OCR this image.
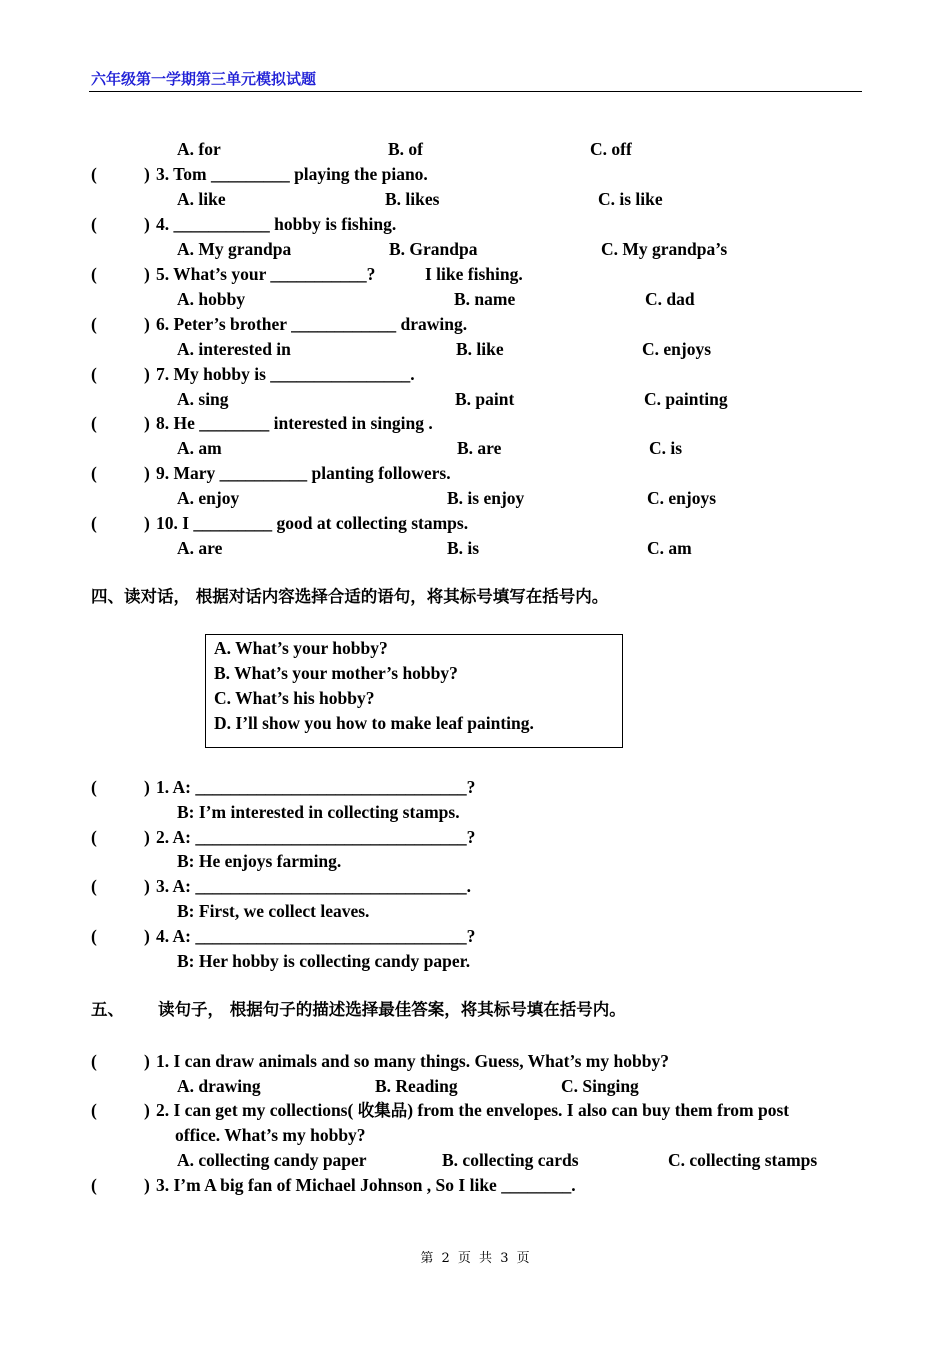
六年级第一学期第三单元模拟试题
A. for	B. of	C. off
(	) 3. Tom _________ playing the piano.
A. like	B. likes	C. is like
(	) 4. ___________ hobby is fishing.
A. My grandpa	B. Grandpa	C. My grandpa’s
(	) 5. What’s your ___________?	I like fishing.
A. hobby	B. name	C. dad
(	) 6. Peter’s brother ____________ drawing.
A. interested in	B. like	C. enjoys
(	) 7. My hobby is ________________.
A. sing	B. paint	C. painting
(	) 8. He ________ interested in singing .
A. am	B. are	C. is
(	) 9. Mary __________ planting followers.
A. enjoy	B. is enjoy	C. enjoys
(	) 10. I _________ good at collecting stamps.
A. are	B. is	C. am
四、读对话， 根据对话内容选择合适的语句，将其标号填写在括号内。
A. What’s your hobby?
B. What’s your mother’s hobby?
C. What’s his hobby?
D. I’ll show you how to make leaf painting.
(	) 1. A: _______________________________?
B: I’m interested in collecting stamps.
(	) 2. A: _______________________________?
B: He enjoys farming.
(	) 3. A: _______________________________.
B: First, we collect leaves.
(	) 4. A: _______________________________?
B: Her hobby is collecting candy paper.
五、 读句子， 根据句子的描述选择最佳答案，将其标号填在括号内。
(	) 1. I can draw animals and so many things. Guess, What’s my hobby?
A. drawing	B. Reading	C. Singing
(	) 2. I can get my collections( 收集品) from the envelopes. I also can buy them from post
office. What’s my hobby?
A. collecting candy paper	B. collecting cards	C. collecting stamps
(	) 3. I’m A big fan of Michael Johnson , So I like ________.
第 2 页 共 3 页
